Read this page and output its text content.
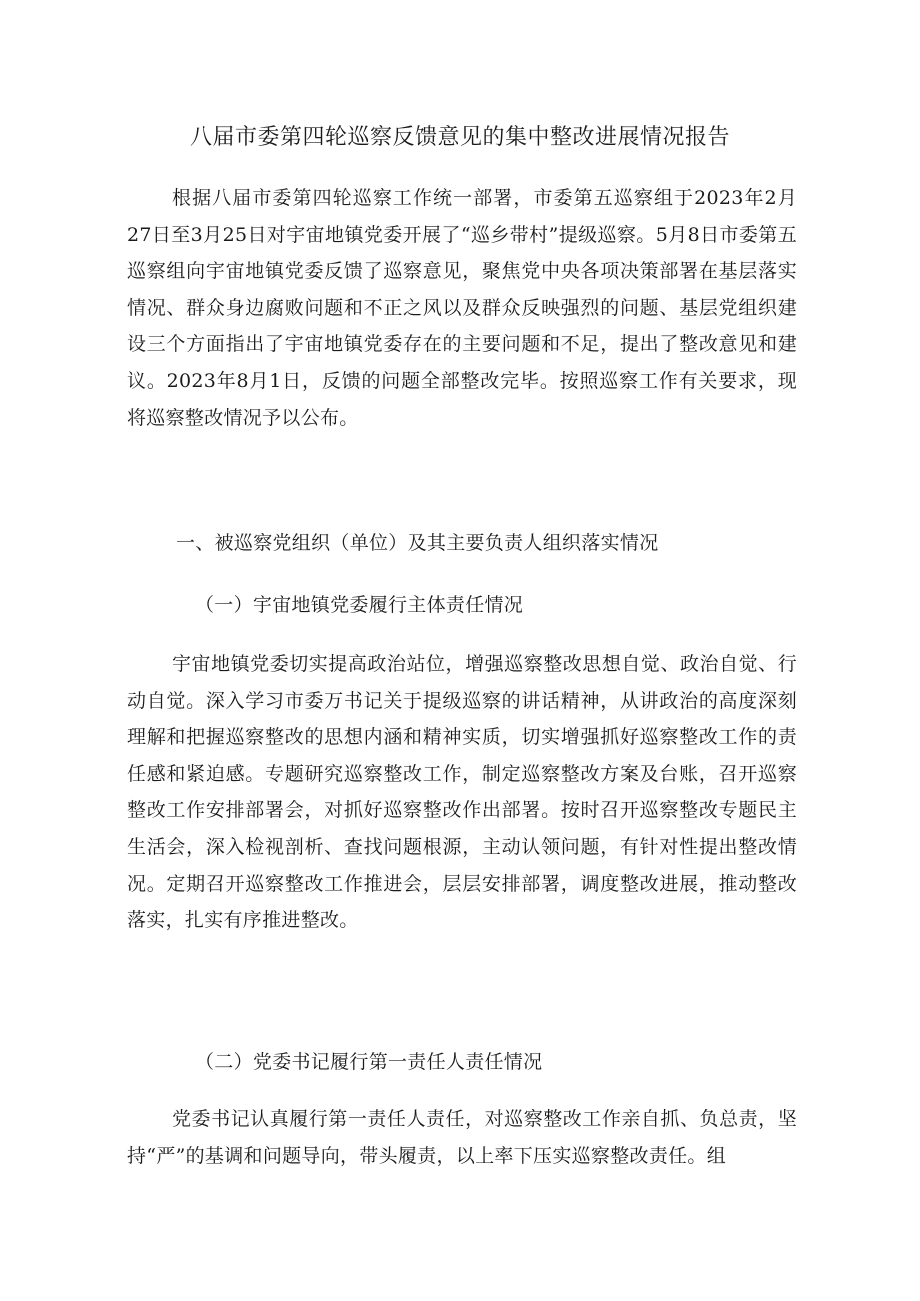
八届市委第四轮巡察反馈意见的集中整改进展情况报告

根据八届市委第四轮巡察工作统一部署，市委第五巡察组于2023年2月27日至3月25日对宇宙地镇党委开展了“巡乡带村”提级巡察。5月8日市委第五巡察组向宇宙地镇党委反馈了巡察意见，聚焦党中央各项决策部署在基层落实情况、群众身边腐败问题和不正之风以及群众反映强烈的问题、基层党组织建设三个方面指出了宇宙地镇党委存在的主要问题和不足，提出了整改意见和建议。2023年8月1日，反馈的问题全部整改完毕。按照巡察工作有关要求，现将巡察整改情况予以公布。

一、被巡察党组织（单位）及其主要负责人组织落实情况

（一）宇宙地镇党委履行主体责任情况

宇宙地镇党委切实提高政治站位，增强巡察整改思想自觉、政治自觉、行动自觉。深入学习市委万书记关于提级巡察的讲话精神，从讲政治的高度深刻理解和把握巡察整改的思想内涵和精神实质，切实增强抓好巡察整改工作的责任感和紧迫感。专题研究巡察整改工作，制定巡察整改方案及台账，召开巡察整改工作安排部署会，对抓好巡察整改作出部署。按时召开巡察整改专题民主生活会，深入检视剖析、查找问题根源，主动认领问题，有针对性提出整改情况。定期召开巡察整改工作推进会，层层安排部署，调度整改进展，推动整改落实，扎实有序推进整改。

（二）党委书记履行第一责任人责任情况

党委书记认真履行第一责任人责任，对巡察整改工作亲自抓、负总责，坚持“严”的基调和问题导向，带头履责，以上率下压实巡察整改责任。组
